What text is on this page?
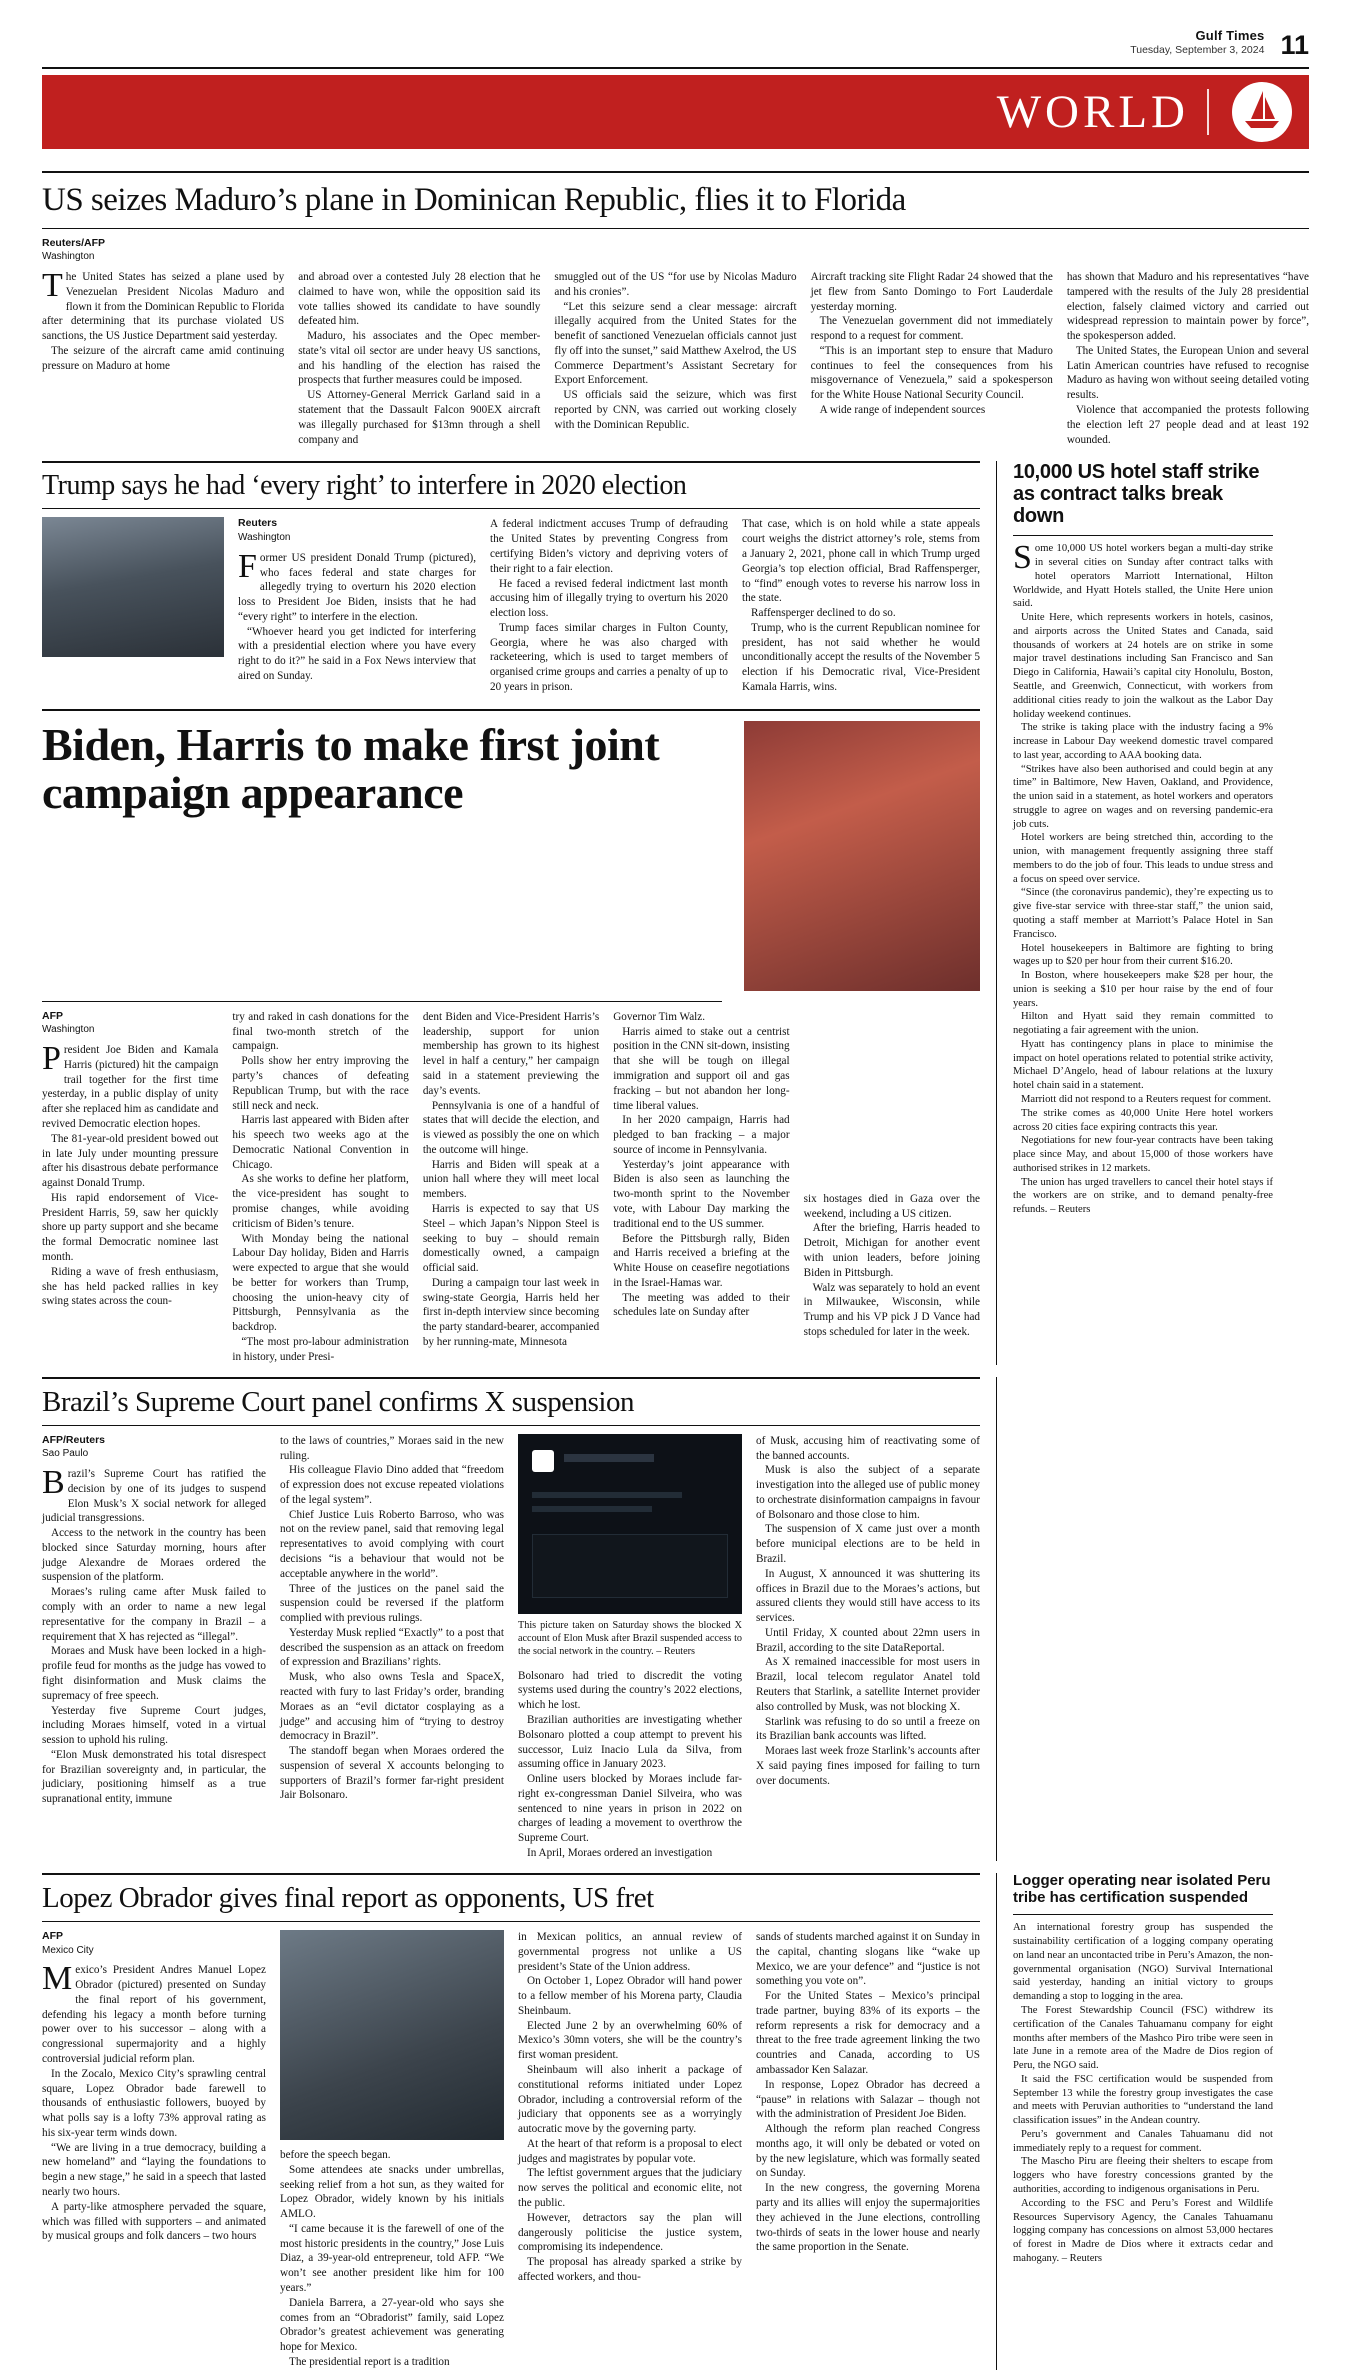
Gulf Times
Tuesday, September 3, 2024 11
WORLD
US seizes Maduro’s plane in Dominican Republic, flies it to Florida
Reuters/AFP
Washington

The United States has seized a plane used by Venezuelan President Nicolas Maduro and flown it from the Dominican Republic to Florida after determining that its purchase violated US sanctions, the US Justice Department said yesterday.

The seizure of the aircraft came amid continuing pressure on Maduro at home

and abroad over a contested July 28 election that he claimed to have won, while the opposition said its vote tallies showed its candidate to have soundly defeated him.

Maduro, his associates and the Opec member-state’s vital oil sector are under heavy US sanctions, and his handling of the election has raised the prospects that further measures could be imposed.

US Attorney-General Merrick Garland said in a statement that the Dassault Falcon 900EX aircraft was illegally purchased for $13mn through a shell company and

smuggled out of the US “for use by Nicolas Maduro and his cronies”.

“Let this seizure send a clear message: aircraft illegally acquired from the United States for the benefit of sanctioned Venezuelan officials cannot just fly off into the sunset,” said Matthew Axelrod, the US Commerce Department’s Assistant Secretary for Export Enforcement.

US officials said the seizure, which was first reported by CNN, was carried out working closely with the Dominican Republic.

Aircraft tracking site Flight Radar 24 showed that the jet flew from Santo Domingo to Fort Lauderdale yesterday morning.

The Venezuelan government did not immediately respond to a request for comment.

“This is an important step to ensure that Maduro continues to feel the consequences from his misgovernance of Venezuela,” said a spokesperson for the White House National Security Council.

A wide range of independent sources

has shown that Maduro and his representatives “have tampered with the results of the July 28 presidential election, falsely claimed victory and carried out widespread repression to maintain power by force”, the spokesperson added.

The United States, the European Union and several Latin American countries have refused to recognise Maduro as having won without seeing detailed voting results.

Violence that accompanied the protests following the election left 27 people dead and at least 192 wounded.

Trump says he had ‘every right’ to interfere in 2020 election
Reuters
Washington

Former US president Donald Trump (pictured), who faces federal and state charges for allegedly trying to overturn his 2020 election loss to President Joe Biden, insists that he had “every right” to interfere in the election.

“Whoever heard you get indicted for interfering with a presidential election where you have every right to do it?” he said in a Fox News interview that aired on Sunday.

A federal indictment accuses Trump of defrauding the United States by preventing Congress from certifying Biden’s victory and depriving voters of their right to a fair election.

He faced a revised federal indictment last month accusing him of illegally trying to overturn his 2020 election loss.

Trump faces similar charges in Fulton County, Georgia, where he was also charged with racketeering, which is used to target members of organised crime groups and carries a penalty of up to 20 years in prison.

That case, which is on hold while a state appeals court weighs the district attorney’s role, stems from a January 2, 2021, phone call in which Trump urged Georgia’s top election official, Brad Raffensperger, to “find” enough votes to reverse his narrow loss in the state.

Raffensperger declined to do so.

Trump, who is the current Republican nominee for president, has not said whether he would unconditionally accept the results of the November 5 election if his Democratic rival, Vice-President Kamala Harris, wins.

Biden, Harris to make first joint campaign appearance
AFP
Washington

President Joe Biden and Kamala Harris (pictured) hit the campaign trail together for the first time yesterday, in a public display of unity after she replaced him as candidate and revived Democratic election hopes.

The 81-year-old president bowed out in late July under mounting pressure after his disastrous debate performance against Donald Trump.

His rapid endorsement of Vice-President Harris, 59, saw her quickly shore up party support and she became the formal Democratic nominee last month.

Riding a wave of fresh enthusiasm, she has held packed rallies in key swing states across the coun-

try and raked in cash donations for the final two-month stretch of the campaign.

Polls show her entry improving the party’s chances of defeating Republican Trump, but with the race still neck and neck.

Harris last appeared with Biden after his speech two weeks ago at the Democratic National Convention in Chicago.

As she works to define her platform, the vice-president has sought to promise changes, while avoiding criticism of Biden’s tenure.

With Monday being the national Labour Day holiday, Biden and Harris were expected to argue that she would be better for workers than Trump, choosing the union-heavy city of Pittsburgh, Pennsylvania as the backdrop.

“The most pro-labour administration in history, under Presi-

dent Biden and Vice-President Harris’s leadership, support for union membership has grown to its highest level in half a century,” her campaign said in a statement previewing the day’s events.

Pennsylvania is one of a handful of states that will decide the election, and is viewed as possibly the one on which the outcome will hinge.

Harris and Biden will speak at a union hall where they will meet local members.

Harris is expected to say that US Steel – which Japan’s Nippon Steel is seeking to buy – should remain domestically owned, a campaign official said.

During a campaign tour last week in swing-state Georgia, Harris held her first in-depth interview since becoming the party standard-bearer, accompanied by her running-mate, Minnesota

Governor Tim Walz.

Harris aimed to stake out a centrist position in the CNN sit-down, insisting that she will be tough on illegal immigration and support oil and gas fracking – but not abandon her long-time liberal values.

In her 2020 campaign, Harris had pledged to ban fracking – a major source of income in Pennsylvania.

Yesterday’s joint appearance with Biden is also seen as launching the two-month sprint to the November vote, with Labour Day marking the traditional end to the US summer.

Before the Pittsburgh rally, Biden and Harris received a briefing at the White House on ceasefire negotiations in the Israel-Hamas war.

The meeting was added to their schedules late on Sunday after

six hostages died in Gaza over the weekend, including a US citizen.

After the briefing, Harris headed to Detroit, Michigan for another event with union leaders, before joining Biden in Pittsburgh.

Walz was separately to hold an event in Milwaukee, Wisconsin, while Trump and his VP pick J D Vance had stops scheduled for later in the week.

10,000 US hotel staff strike as contract talks break down

Some 10,000 US hotel workers began a multi-day strike in several cities on Sunday after contract talks with hotel operators Marriott International, Hilton Worldwide, and Hyatt Hotels stalled, the Unite Here union said.

Unite Here, which represents workers in hotels, casinos, and airports across the United States and Canada, said thousands of workers at 24 hotels are on strike in some major travel destinations including San Francisco and San Diego in California, Hawaii’s capital city Honolulu, Boston, Seattle, and Greenwich, Connecticut, with workers from additional cities ready to join the walkout as the Labor Day holiday weekend continues.

The strike is taking place with the industry facing a 9% increase in Labour Day weekend domestic travel compared to last year, according to AAA booking data.

“Strikes have also been authorised and could begin at any time” in Baltimore, New Haven, Oakland, and Providence, the union said in a statement, as hotel workers and operators struggle to agree on wages and on reversing pandemic-era job cuts.

Hotel workers are being stretched thin, according to the union, with management frequently assigning three staff members to do the job of four. This leads to undue stress and a focus on speed over service.

“Since (the coronavirus pandemic), they’re expecting us to give five-star service with three-star staff,” the union said, quoting a staff member at Marriott’s Palace Hotel in San Francisco.

Hotel housekeepers in Baltimore are fighting to bring wages up to $20 per hour from their current $16.20.

In Boston, where housekeepers make $28 per hour, the union is seeking a $10 per hour raise by the end of four years.

Hilton and Hyatt said they remain committed to negotiating a fair agreement with the union.

Hyatt has contingency plans in place to minimise the impact on hotel operations related to potential strike activity, Michael D’Angelo, head of labour relations at the luxury hotel chain said in a statement.

Marriott did not respond to a Reuters request for comment.

The strike comes as 40,000 Unite Here hotel workers across 20 cities face expiring contracts this year.

Negotiations for new four-year contracts have been taking place since May, and about 15,000 of those workers have authorised strikes in 12 markets.

The union has urged travellers to cancel their hotel stays if the workers are on strike, and to demand penalty-free refunds. – Reuters

Brazil’s Supreme Court panel confirms X suspension
AFP/Reuters
Sao Paulo

Brazil’s Supreme Court has ratified the decision by one of its judges to suspend Elon Musk’s X social network for alleged judicial transgressions.

Access to the network in the country has been blocked since Saturday morning, hours after judge Alexandre de Moraes ordered the suspension of the platform.

Moraes’s ruling came after Musk failed to comply with an order to name a new legal representative for the company in Brazil – a requirement that X has rejected as “illegal”.

Moraes and Musk have been locked in a high-profile feud for months as the judge has vowed to fight disinformation and Musk claims the supremacy of free speech.

Yesterday five Supreme Court judges, including Moraes himself, voted in a virtual session to uphold his ruling.

“Elon Musk demonstrated his total disrespect for Brazilian sovereignty and, in particular, the judiciary, positioning himself as a true supranational entity, immune

to the laws of countries,” Moraes said in the new ruling.

His colleague Flavio Dino added that “freedom of expression does not excuse repeated violations of the legal system”.

Chief Justice Luis Roberto Barroso, who was not on the review panel, said that removing legal representatives to avoid complying with court decisions “is a behaviour that would not be acceptable anywhere in the world”.

Three of the justices on the panel said the suspension could be reversed if the platform complied with previous rulings.

Yesterday Musk replied “Exactly” to a post that described the suspension as an attack on freedom of expression and Brazilians’ rights.

Musk, who also owns Tesla and SpaceX, reacted with fury to last Friday’s order, branding Moraes as an “evil dictator cosplaying as a judge” and accusing him of “trying to destroy democracy in Brazil”.

The standoff began when Moraes ordered the suspension of several X accounts belonging to supporters of Brazil’s former far-right president Jair Bolsonaro.

This picture taken on Saturday shows the blocked X account of Elon Musk after Brazil suspended access to the social network in the country. – Reuters

Bolsonaro had tried to discredit the voting systems used during the country’s 2022 elections, which he lost.

Brazilian authorities are investigating whether Bolsonaro plotted a coup attempt to prevent his successor, Luiz Inacio Lula da Silva, from assuming office in January 2023.

Online users blocked by Moraes include far-right ex-congressman Daniel Silveira, who was sentenced to nine years in prison in 2022 on charges of leading a movement to overthrow the Supreme Court.

In April, Moraes ordered an investigation

of Musk, accusing him of reactivating some of the banned accounts.

Musk is also the subject of a separate investigation into the alleged use of public money to orchestrate disinformation campaigns in favour of Bolsonaro and those close to him.

The suspension of X came just over a month before municipal elections are to be held in Brazil.

In August, X announced it was shuttering its offices in Brazil due to the Moraes’s actions, but assured clients they would still have access to its services.

Until Friday, X counted about 22mn users in Brazil, according to the site DataReportal.

As X remained inaccessible for most users in Brazil, local telecom regulator Anatel told Reuters that Starlink, a satellite Internet provider also controlled by Musk, was not blocking X.

Starlink was refusing to do so until a freeze on its Brazilian bank accounts was lifted.

Moraes last week froze Starlink’s accounts after X said paying fines imposed for failing to turn over documents.

Lopez Obrador gives final report as opponents, US fret
AFP
Mexico City

Mexico’s President Andres Manuel Lopez Obrador (pictured) presented on Sunday the final report of his government, defending his legacy a month before turning power over to his successor – along with a congressional supermajority and a highly controversial judicial reform plan.

In the Zocalo, Mexico City’s sprawling central square, Lopez Obrador bade farewell to thousands of enthusiastic followers, buoyed by what polls say is a lofty 73% approval rating as his six-year term winds down.

“We are living in a true democracy, building a new homeland” and “laying the foundations to begin a new stage,” he said in a speech that lasted nearly two hours.

A party-like atmosphere pervaded the square, which was filled with supporters – and animated by musical groups and folk dancers – two hours

before the speech began.

Some attendees ate snacks under umbrellas, seeking relief from a hot sun, as they waited for Lopez Obrador, widely known by his initials AMLO.

“I came because it is the farewell of one of the most historic presidents in the country,” Jose Luis Diaz, a 39-year-old entrepreneur, told AFP. “We won’t see another president like him for 100 years.”

Daniela Barrera, a 27-year-old who says she comes from an “Obradorist” family, said Lopez Obrador’s greatest achievement was generating hope for Mexico.

The presidential report is a tradition

in Mexican politics, an annual review of governmental progress not unlike a US president’s State of the Union address.

On October 1, Lopez Obrador will hand power to a fellow member of his Morena party, Claudia Sheinbaum.

Elected June 2 by an overwhelming 60% of Mexico’s 30mn voters, she will be the country’s first woman president.

Sheinbaum will also inherit a package of constitutional reforms initiated under Lopez Obrador, including a controversial reform of the judiciary that opponents see as a worryingly autocratic move by the governing party.

At the heart of that reform is a proposal to elect judges and magistrates by popular vote.

The leftist government argues that the judiciary now serves the political and economic elite, not the public.

However, detractors say the plan will dangerously politicise the justice system, compromising its independence.

The proposal has already sparked a strike by affected workers, and thou-

sands of students marched against it on Sunday in the capital, chanting slogans like “wake up Mexico, we are your defence” and “justice is not something you vote on”.

For the United States – Mexico’s principal trade partner, buying 83% of its exports – the reform represents a risk for democracy and a threat to the free trade agreement linking the two countries and Canada, according to US ambassador Ken Salazar.

In response, Lopez Obrador has decreed a “pause” in relations with Salazar – though not with the administration of President Joe Biden.

Although the reform plan reached Congress months ago, it will only be debated or voted on by the new legislature, which was formally seated on Sunday.

In the new congress, the governing Morena party and its allies will enjoy the supermajorities they achieved in the June elections, controlling two-thirds of seats in the lower house and nearly the same proportion in the Senate.

Logger operating near isolated Peru tribe has certification suspended

An international forestry group has suspended the sustainability certification of a logging company operating on land near an uncontacted tribe in Peru’s Amazon, the non-governmental organisation (NGO) Survival International said yesterday, handing an initial victory to groups demanding a stop to logging in the area.

The Forest Stewardship Council (FSC) withdrew its certification of the Canales Tahuamanu company for eight months after members of the Mashco Piro tribe were seen in late June in a remote area of the Madre de Dios region of Peru, the NGO said.

It said the FSC certification would be suspended from September 13 while the forestry group investigates the case and meets with Peruvian authorities to “understand the land classification issues” in the Andean country.

Peru’s government and Canales Tahuamanu did not immediately reply to a request for comment.

The Mascho Piru are fleeing their shelters to escape from loggers who have forestry concessions granted by the authorities, according to indigenous organisations in Peru.

According to the FSC and Peru’s Forest and Wildlife Resources Supervisory Agency, the Canales Tahuamanu logging company has concessions on almost 53,000 hectares of forest in Madre de Dios where it extracts cedar and mahogany. – Reuters
